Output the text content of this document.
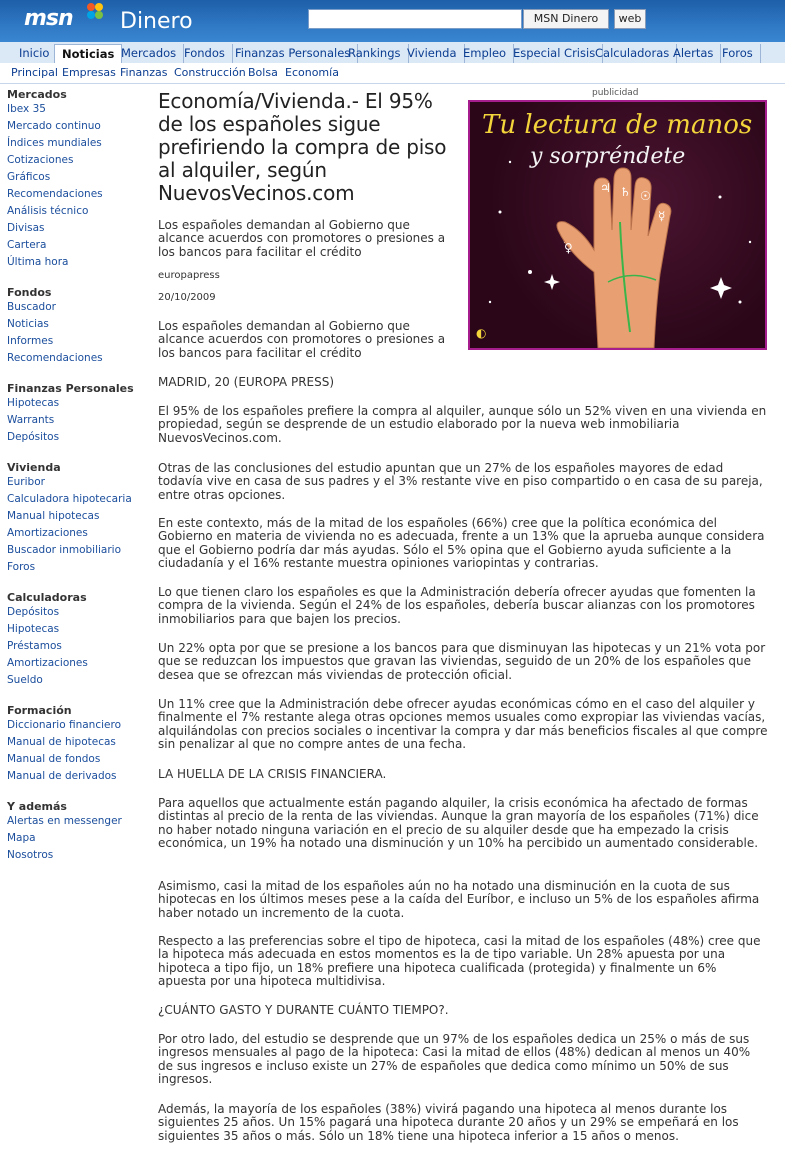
msn Dinero	MSN Dinero	web
Inicio	Noticias Mercados Fondos Finanzas Personales
Rankings Vivienda Empleo Especial Crisis Calculadoras Alertas Foros
Principal Empresas Finanzas Construcción Bolsa Economía
Mercados
Ibex 35
Mercado continuo
Índices mundiales
Cotizaciones
Gráficos
Recomendaciones
Análisis técnico
Divisas
Cartera
Última hora
Fondos
Buscador
Noticias
Informes
Recomendaciones
Finanzas Personales
Hipotecas
Warrants
Depósitos
Vivienda
Euribor
Calculadora hipotecaria
Manual hipotecas
Amortizaciones
Buscador inmobiliario
Foros
Calculadoras
Depósitos
Hipotecas
Préstamos
Amortizaciones
Sueldo
Formación
Diccionario financiero
Manual de hipotecas
Manual de fondos
Manual de derivados
Y además
Alertas en messenger
Mapa
Nosotros
Economía/Vivienda.- El 95% de los españoles sigue prefiriendo la compra de piso al alquiler, según NuevosVecinos.com

Los españoles demandan al Gobierno que alcance acuerdos con promotores o presiones a los bancos para facilitar el crédito

europapress
20/10/2009

Los españoles demandan al Gobierno que alcance acuerdos con promotores o presiones a los bancos para facilitar el crédito

MADRID, 20 (EUROPA PRESS)

El 95% de los españoles prefiere la compra al alquiler, aunque sólo un 52% viven en una vivienda en propiedad, según se desprende de un estudio elaborado por la nueva web inmobiliaria NuevosVecinos.com.

Otras de las conclusiones del estudio apuntan que un 27% de los españoles mayores de edad todavía vive en casa de sus padres y el 3% restante vive en piso compartido o en casa de su pareja, entre otras opciones.

En este contexto, más de la mitad de los españoles (66%) cree que la política económica del Gobierno en materia de vivienda no es adecuada, frente a un 13% que la aprueba aunque considera que el Gobierno podría dar más ayudas. Sólo el 5% opina que el Gobierno ayuda suficiente a la ciudadanía y el 16% restante muestra opiniones variopintas y contrarias.

Lo que tienen claro los españoles es que la Administración debería ofrecer ayudas que fomenten la compra de la vivienda. Según el 24% de los españoles, debería buscar alianzas con los promotores inmobiliarios para que bajen los precios.

Un 22% opta por que se presione a los bancos para que disminuyan las hipotecas y un 21% vota por que se reduzcan los impuestos que gravan las viviendas, seguido de un 20% de los españoles que desea que se ofrezcan más viviendas de protección oficial.

Un 11% cree que la Administración debe ofrecer ayudas económicas cómo en el caso del alquiler y finalmente el 7% restante alega otras opciones memos usuales como expropiar las viviendas vacías, alquilándolas con precios sociales o incentivar la compra y dar más beneficios fiscales al que compre sin penalizar al que no compre antes de una fecha.

LA HUELLA DE LA CRISIS FINANCIERA.

Para aquellos que actualmente están pagando alquiler, la crisis económica ha afectado de formas distintas al precio de la renta de las viviendas. Aunque la gran mayoría de los españoles (71%) dice no haber notado ninguna variación en el precio de su alquiler desde que ha empezado la crisis económica, un 19% ha notado una disminución y un 10% ha percibido un aumentado considerable.

Asimismo, casi la mitad de los españoles aún no ha notado una disminución en la cuota de sus hipotecas en los últimos meses pese a la caída del Euríbor, e incluso un 5% de los españoles afirma haber notado un incremento de la cuota.

Respecto a las preferencias sobre el tipo de hipoteca, casi la mitad de los españoles (48%) cree que la hipoteca más adecuada en estos momentos es la de tipo variable. Un 28% apuesta por una hipoteca a tipo fijo, un 18% prefiere una hipoteca cualificada (protegida) y finalmente un 6% apuesta por una hipoteca multidivisa.

¿CUÁNTO GASTO Y DURANTE CUÁNTO TIEMPO?.

Por otro lado, del estudio se desprende que un 97% de los españoles dedica un 25% o más de sus ingresos mensuales al pago de la hipoteca: Casi la mitad de ellos (48%) dedican al menos un 40% de sus ingresos e incluso existe un 27% de españoles que dedica como mínimo un 50% de sus ingresos.

Además, la mayoría de los españoles (38%) vivirá pagando una hipoteca al menos durante los siguientes 25 años. Un 15% pagará una hipoteca durante 20 años y un 29% se empeñará en los siguientes 35 años o más. Sólo un 18% tiene una hipoteca inferior a 15 años o menos.

publicidad
♃ ♄ ☉
☿
♀
Tu lectura de manos
y sorpréndete
◐
